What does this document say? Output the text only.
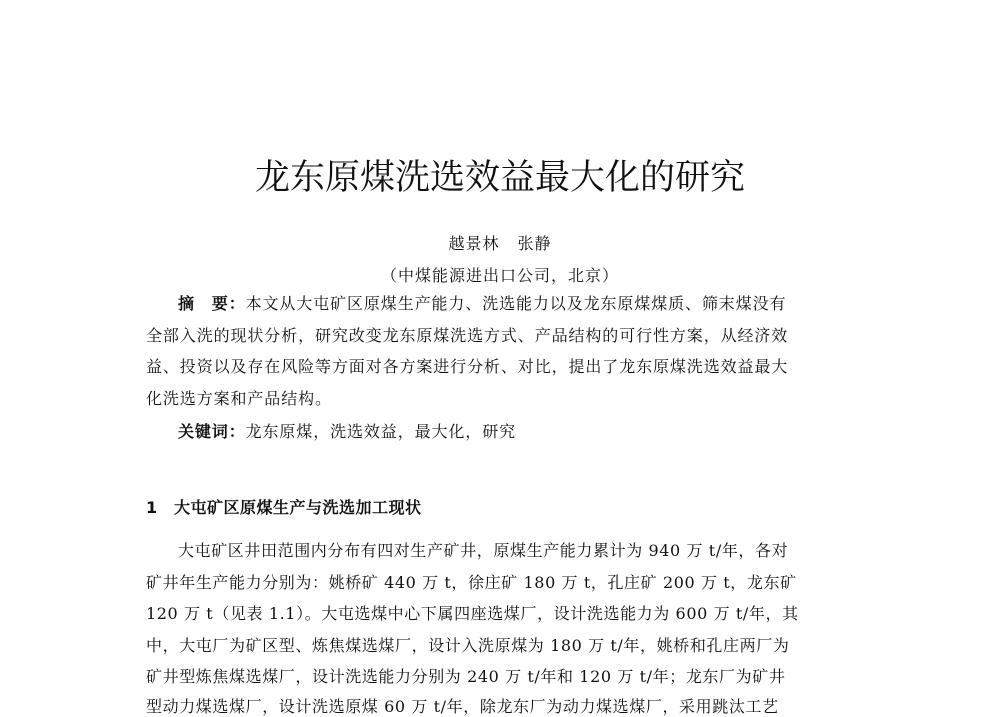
龙东原煤洗选效益最大化的研究
越景林 张静
（中煤能源进出口公司，北京）
摘　要：本文从大屯矿区原煤生产能力、洗选能力以及龙东原煤煤质、筛末煤没有
全部入洗的现状分析，研究改变龙东原煤洗选方式、产品结构的可行性方案，从经济效
益、投资以及存在风险等方面对各方案进行分析、对比，提出了龙东原煤洗选效益最大
化洗选方案和产品结构。
关键词：龙东原煤，洗选效益，最大化，研究
1 大屯矿区原煤生产与洗选加工现状
大屯矿区井田范围内分布有四对生产矿井，原煤生产能力累计为 940 万 t/年，各对
矿井年生产能力分别为：姚桥矿 440 万 t，徐庄矿 180 万 t，孔庄矿 200 万 t，龙东矿
120 万 t（见表 1.1）。大屯选煤中心下属四座选煤厂，设计洗选能力为 600 万 t/年，其
中，大屯厂为矿区型、炼焦煤选煤厂，设计入洗原煤为 180 万 t/年，姚桥和孔庄两厂为
矿井型炼焦煤选煤厂，设计洗选能力分别为 240 万 t/年和 120 万 t/年；龙东厂为矿井
型动力煤选煤厂，设计洗选原煤 60 万 t/年，除龙东厂为动力煤选煤厂，采用跳汰工艺
